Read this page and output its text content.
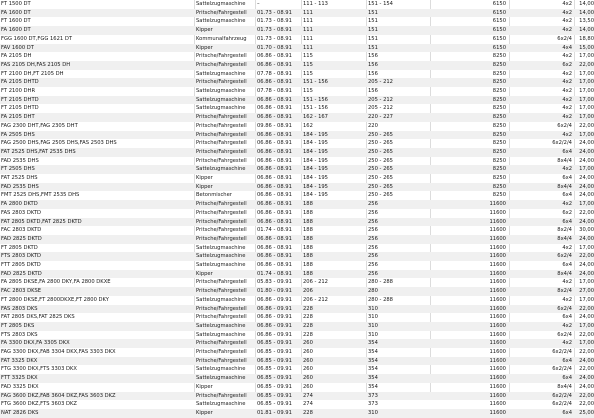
FT 1500 DT	Sattelzugmaschine	–	111 - 113	151 - 154	6150	4x2	14,00
FA 1600 DT	Pritsche/Fahrgestell	01.73 - 08.91	111	151	6150	4x2	14,00
FT 1600 DT	Sattelzugmaschine	01.73 - 08.91	111	151	6150	4x2	13,50
FA 1600 DT	Kipper	01.73 - 08.91	111	151	6150	4x2	14,00
FGG 1600 DT,FGG 1621 DT	Kommunalfahrzeug	01.73 - 08.91	111	151	6150	6x2/4	18,80
FAV 1600 DT	Kipper	01.70 - 08.91	111	151	6150	4x4	15,00
FA 2105 DH	Pritsche/Fahrgestell	06.86 - 08.91	115	156	8250	4x2	17,00
FAS 2105 DH,FAS 2105 DH	Pritsche/Fahrgestell	06.86 - 08.91	115	156	8250	6x2	22,00
FT 2100 DH,FT 2105 DH	Sattelzugmaschine	07.78 - 08.91	115	156	8250	4x2	17,00
FA 2105 DHTD	Pritsche/Fahrgestell	06.86 - 08.91	151 - 156	205 - 212	8250	4x2	17,00
FT 2100 DHR	Sattelzugmaschine	07.78 - 08.91	115	156	8250	4x2	17,00
FT 2105 DHTD	Sattelzugmaschine	06.86 - 08.91	151 - 156	205 - 212	8250	4x2	17,00
FT 2105 DHTD	Sattelzugmaschine	06.86 - 08.91	151 - 156	205 - 212	8250	4x2	17,00
FA 2105 DHT	Pritsche/Fahrgestell	06.86 - 08.91	162 - 167	220 - 227	8250	4x2	17,00
FAG 2300 DHT,FAG 2305 DHT	Pritsche/Fahrgestell	09.86 - 08.91	162	220	8250	6x2/4	22,00
FA 2505 DHS	Pritsche/Fahrgestell	06.86 - 08.91	184 - 195	250 - 265	8250	4x2	17,00
FAG 2500 DHS,FAG 2505 DHS,FAS 2503 DHS	Pritsche/Fahrgestell	06.86 - 08.91	184 - 195	250 - 265	8250	6x2/2/4	24,00
FAT 2525 DHS,FAT 2535 DHS	Pritsche/Fahrgestell	06.86 - 08.91	184 - 195	250 - 265	8250	6x4	24,00
FAD 2535 DHS	Pritsche/Fahrgestell	06.86 - 08.91	184 - 195	250 - 265	8250	8x4/4	24,00
FT 2505 DHS	Sattelzugmaschine	06.86 - 08.91	184 - 195	250 - 265	8250	4x2	17,00
FAT 2525 DHS	Kipper	06.86 - 08.91	184 - 195	250 - 265	8250	6x4	24,00
FAD 2535 DHS	Kipper	06.86 - 08.91	184 - 195	250 - 265	8250	8x4/4	24,00
FMT 2525 DHS,FMT 2535 DHS	Betonmischer	06.86 - 08.91	184 - 195	250 - 265	8250	6x4	24,00
FA 2800 DKTD	Pritsche/Fahrgestell	06.86 - 08.91	188	256	11600	4x2	17,00
FAS 2803 DKTD	Pritsche/Fahrgestell	06.86 - 08.91	188	256	11600	6x2	22,00
FAT 2805 DKTD,FAT 2825 DKTD	Pritsche/Fahrgestell	06.86 - 08.91	188	256	11600	6x4	24,00
FAC 2803 DKTD	Pritsche/Fahrgestell	01.74 - 08.91	188	256	11600	8x2/4	30,00
FAD 2825 DKTD	Pritsche/Fahrgestell	06.86 - 08.91	188	256	11600	8x4/4	24,00
FT 2805 DKTD	Sattelzugmaschine	06.86 - 08.91	188	256	11600	4x2	17,00
FTS 2803 DKTD	Sattelzugmaschine	06.86 - 08.91	188	256	11600	6x2/4	22,00
FTT 2805 DKTD	Sattelzugmaschine	06.86 - 08.91	188	256	11600	6x4	24,00
FAD 2825 DKTD	Kipper	01.74 - 08.91	188	256	11600	8x4/4	24,00
FA 2805 DKSE,FA 2800 DKY,FA 2800 DKXE	Pritsche/Fahrgestell	05.83 - 09.91	206 - 212	280 - 288	11600	4x2	17,00
FAC 2803 DKSE	Pritsche/Fahrgestell	01.80 - 09.91	206	280	11600	8x2/4	27,00
FT 2800 DKSE,FT 2800DKXE,FT 2800 DKY	Sattelzugmaschine	06.86 - 09.91	206 - 212	280 - 288	11600	4x2	17,00
FAS 2803 DKS	Pritsche/Fahrgestell	06.86 - 09.91	228	310	11600	6x2/4	22,00
FAT 2805 DKS,FAT 2825 DKS	Pritsche/Fahrgestell	06.86 - 09.91	228	310	11600	6x4	24,00
FT 2805 DKS	Sattelzugmaschine	06.86 - 09.91	228	310	11600	4x2	17,00
FTS 2803 DKS	Sattelzugmaschine	06.86 - 09.91	228	310	11600	6x2/4	22,00
FA 3300 DKX,FA 3305 DKX	Pritsche/Fahrgestell	06.85 - 09.91	260	354	11600	4x2	17,00
FAG 3300 DKX,FAB 3304 DKX,FAS 3303 DKX	Pritsche/Fahrgestell	06.85 - 09.91	260	354	11600	6x2/2/4	22,00
FAT 3325 DKX	Pritsche/Fahrgestell	06.85 - 09.91	260	354	11600	6x4	24,00
FTG 3300 DKX,FTS 3303 DKX	Sattelzugmaschine	06.85 - 09.91	260	354	11600	6x2/2/4	22,00
FTT 3325 DKX	Sattelzugmaschine	06.85 - 09.91	260	354	11600	6x4	24,00
FAD 3325 DKX	Kipper	06.85 - 09.91	260	354	11600	8x4/4	24,00
FAG 3600 DKZ,FAB 3604 DKZ,FAS 3603 DKZ	Pritsche/Fahrgestell	06.85 - 09.91	274	373	11600	6x2/2/4	22,00
FTG 3600 DKZ,FTS 3603 DKZ	Sattelzugmaschine	06.85 - 09.91	274	373	11600	6x2/2/4	22,00
NAT 2826 DKS	Kipper	01.81 - 09.91	228	310	11600	6x4	25,00
